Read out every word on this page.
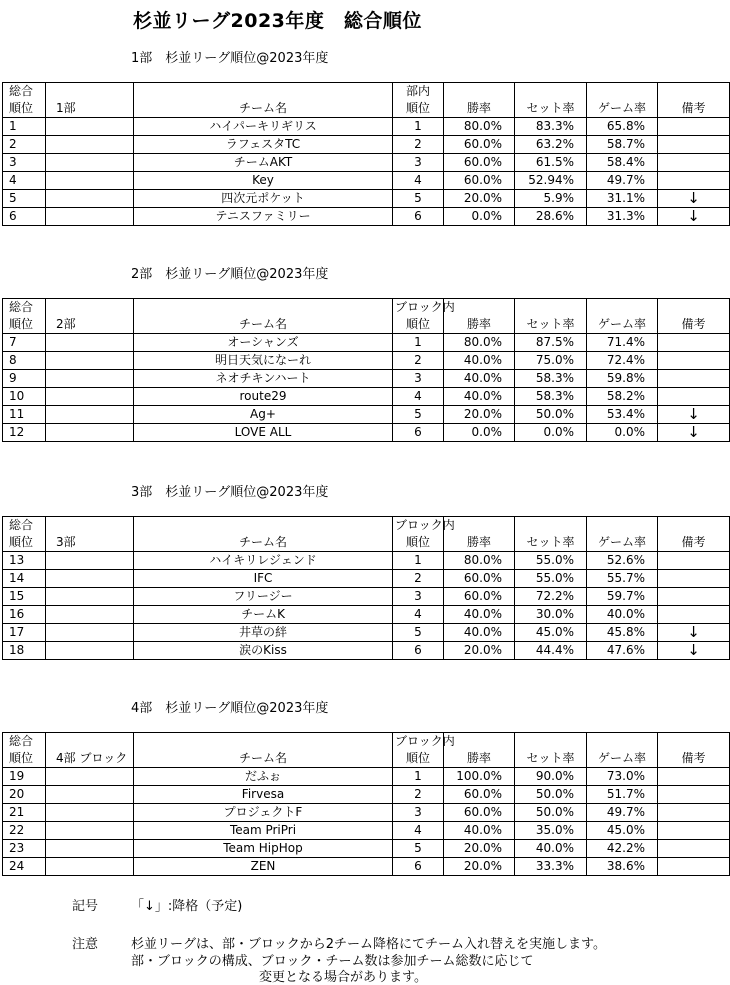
杉並リーグ2023年度　総合順位
1部　杉並リーグ順位@2023年度
総合			部内				
順位	1部	チーム名	順位	勝率	セット率	ゲーム率	備考
1		ハイパーキリギリス	1	80.0%	83.3%	65.8%	
2		ラフェスタTC	2	60.0%	63.2%	58.7%	
3		チームAKT	3	60.0%	61.5%	58.4%	
4		Key	4	60.0%	52.94%	49.7%	
5		四次元ポケット	5	20.0%	5.9%	31.1%	↓
6		テニスファミリー	6	0.0%	28.6%	31.3%	↓
2部　杉並リーグ順位@2023年度
総合			ブロック内				
順位	2部	チーム名	順位	勝率	セット率	ゲーム率	備考
7		オーシャンズ	1	80.0%	87.5%	71.4%	
8		明日天気になーれ	2	40.0%	75.0%	72.4%	
9		ネオチキンハート	3	40.0%	58.3%	59.8%	
10		route29	4	40.0%	58.3%	58.2%	
11		Ag+	5	20.0%	50.0%	53.4%	↓
12		LOVE ALL	6	0.0%	0.0%	0.0%	↓
3部　杉並リーグ順位@2023年度
総合			ブロック内				
順位	3部	チーム名	順位	勝率	セット率	ゲーム率	備考
13		ハイキリレジェンド	1	80.0%	55.0%	52.6%	
14		IFC	2	60.0%	55.0%	55.7%	
15		フリージー	3	60.0%	72.2%	59.7%	
16		チームK	4	40.0%	30.0%	40.0%	
17		井草の絆	5	40.0%	45.0%	45.8%	↓
18		涙のKiss	6	20.0%	44.4%	47.6%	↓
4部　杉並リーグ順位@2023年度
総合			ブロック内				
順位	4部 ブロック	チーム名	順位	勝率	セット率	ゲーム率	備考
19		だふぉ	1	100.0%	90.0%	73.0%	
20		Firvesa	2	60.0%	50.0%	51.7%	
21		プロジェクトF	3	60.0%	50.0%	49.7%	
22		Team PriPri	4	40.0%	35.0%	45.0%	
23		Team HipHop	5	20.0%	40.0%	42.2%	
24		ZEN	6	20.0%	33.3%	38.6%	
記号	「↓」:降格（予定)
注意	杉並リーグは、部・ブロックから2チーム降格にてチーム入れ替えを実施します。
部・ブロックの構成、ブロック・チーム数は参加チーム総数に応じて
変更となる場合があります。
